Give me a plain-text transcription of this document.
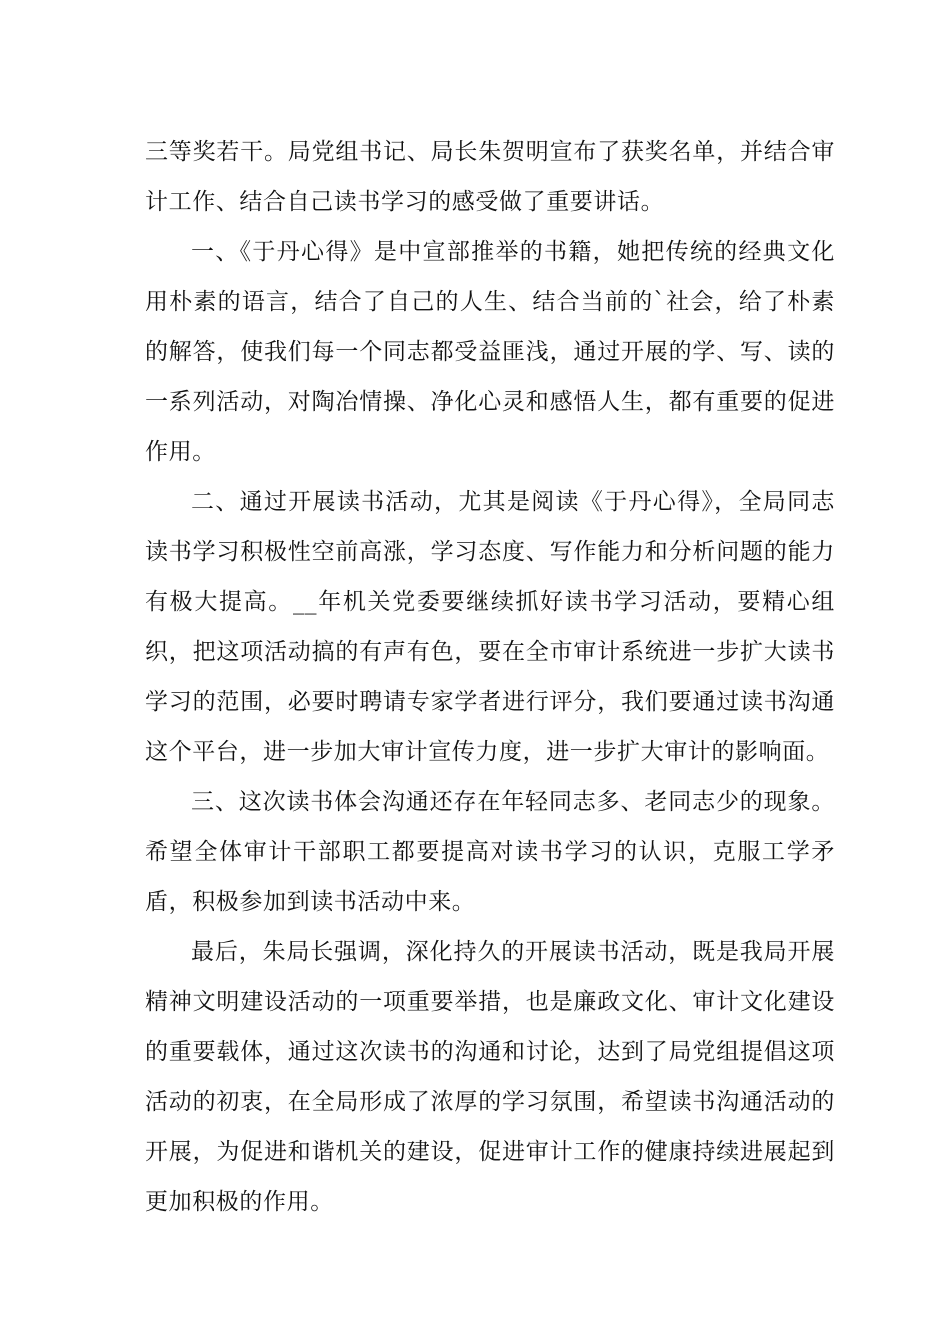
三等奖若干。局党组书记、局长朱贺明宣布了获奖名单，并结合审计工作、结合自己读书学习的感受做了重要讲话。

一、《于丹心得》是中宣部推举的书籍，她把传统的经典文化用朴素的语言，结合了自己的人生、结合当前的`社会，给了朴素的解答，使我们每一个同志都受益匪浅，通过开展的学、写、读的一系列活动，对陶冶情操、净化心灵和感悟人生，都有重要的促进作用。

二、通过开展读书活动，尤其是阅读《于丹心得》，全局同志读书学习积极性空前高涨，学习态度、写作能力和分析问题的能力有极大提高。__年机关党委要继续抓好读书学习活动，要精心组织，把这项活动搞的有声有色，要在全市审计系统进一步扩大读书学习的范围，必要时聘请专家学者进行评分，我们要通过读书沟通这个平台，进一步加大审计宣传力度，进一步扩大审计的影响面。

三、这次读书体会沟通还存在年轻同志多、老同志少的现象。希望全体审计干部职工都要提高对读书学习的认识，克服工学矛盾，积极参加到读书活动中来。

最后，朱局长强调，深化持久的开展读书活动，既是我局开展精神文明建设活动的一项重要举措，也是廉政文化、审计文化建设的重要载体，通过这次读书的沟通和讨论，达到了局党组提倡这项活动的初衷，在全局形成了浓厚的学习氛围，希望读书沟通活动的开展，为促进和谐机关的建设，促进审计工作的健康持续进展起到更加积极的作用。
